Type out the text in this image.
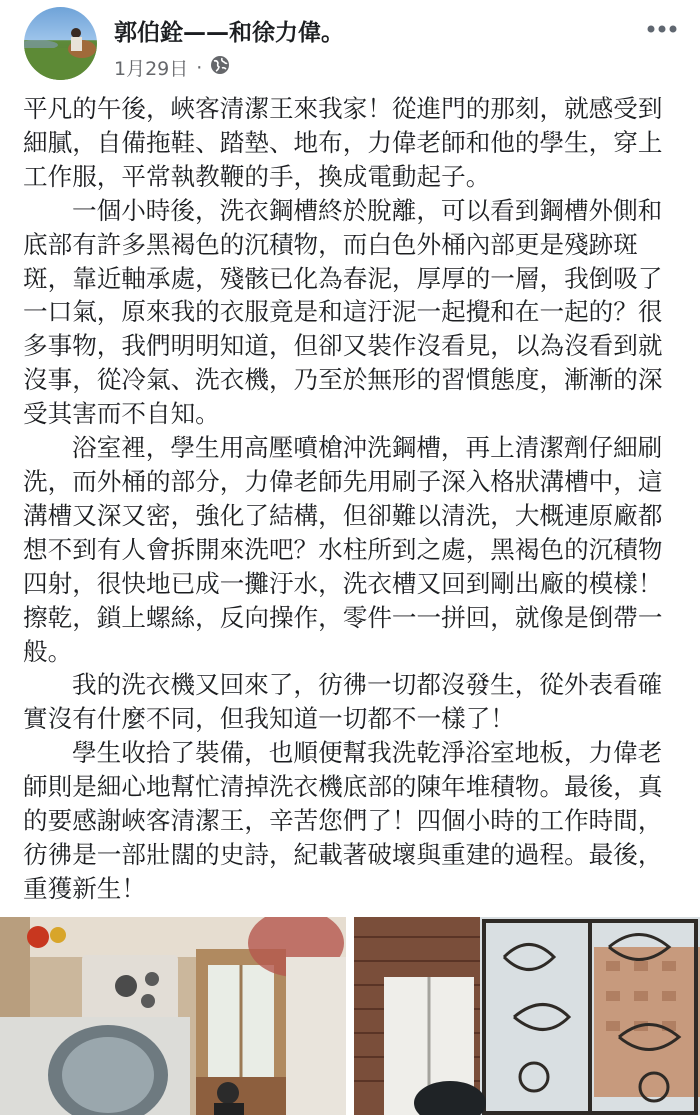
郭伯銓——和徐力偉。
1月29日 ·

平凡的午後，峽客清潔王來我家！從進門的那刻，就感受到細膩，自備拖鞋、踏墊、地布，力偉老師和他的學生，穿上工作服，平常執教鞭的手，換成電動起子。

一個小時後，洗衣鋼槽終於脫離，可以看到鋼槽外側和底部有許多黑褐色的沉積物，而白色外桶內部更是殘跡斑斑，靠近軸承處，殘骸已化為春泥，厚厚的一層，我倒吸了一口氣，原來我的衣服竟是和這汙泥一起攪和在一起的？很多事物，我們明明知道，但卻又裝作沒看見，以為沒看到就沒事，從冷氣、洗衣機，乃至於無形的習慣態度，漸漸的深受其害而不自知。

浴室裡，學生用高壓噴槍沖洗鋼槽，再上清潔劑仔細刷洗，而外桶的部分，力偉老師先用刷子深入格狀溝槽中，這溝槽又深又密，強化了結構，但卻難以清洗，大概連原廠都想不到有人會拆開來洗吧？水柱所到之處，黑褐色的沉積物四射，很快地已成一攤汙水，洗衣槽又回到剛出廠的模樣！擦乾，鎖上螺絲，反向操作，零件一一拼回，就像是倒帶一般。

我的洗衣機又回來了，彷彿一切都沒發生，從外表看確實沒有什麼不同，但我知道一切都不一樣了！

學生收拾了裝備，也順便幫我洗乾淨浴室地板，力偉老師則是細心地幫忙清掉洗衣機底部的陳年堆積物。最後，真的要感謝峽客清潔王，辛苦您們了！四個小時的工作時間，彷彿是一部壯闊的史詩，紀載著破壞與重建的過程。最後，重獲新生！
